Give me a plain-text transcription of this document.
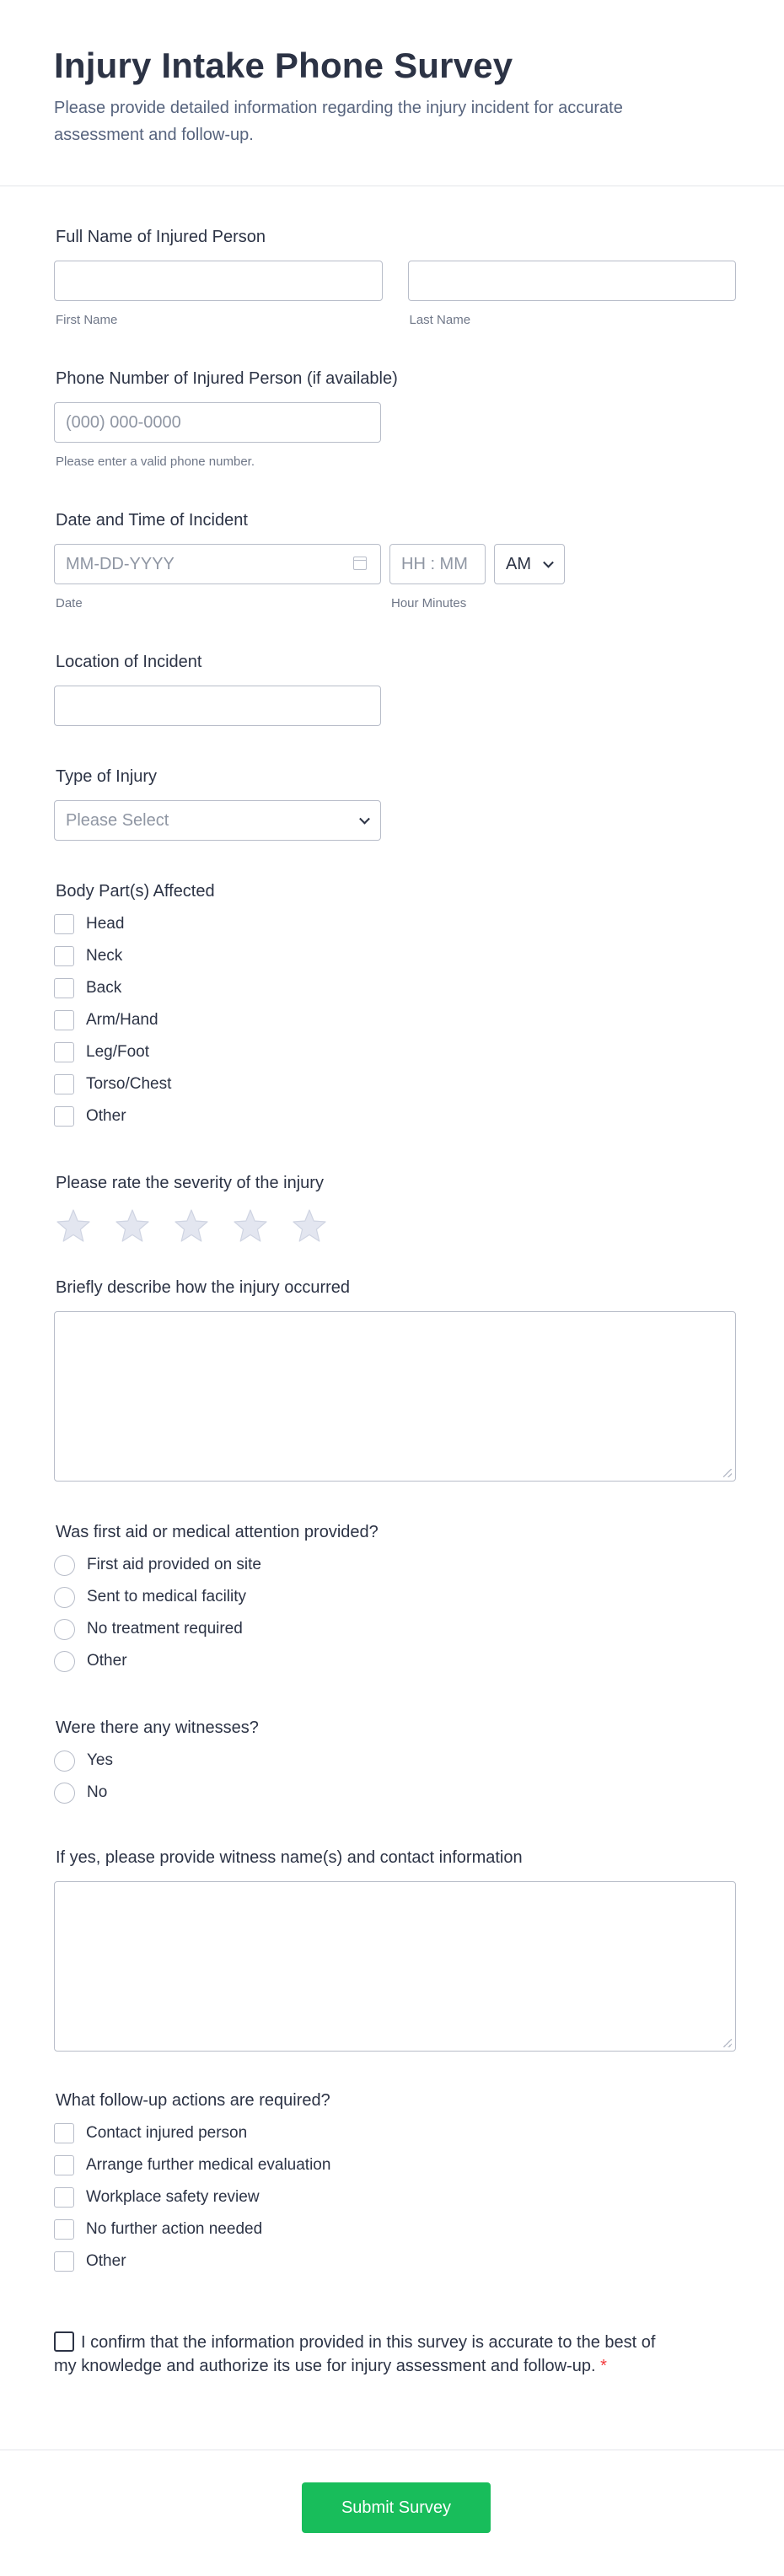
Injury Intake Phone Survey

Please provide detailed information regarding the injury incident for accurate assessment and follow-up.

Full Name of Injured Person
First Name	Last Name
Phone Number of Injured Person (if available)
(000) 000-0000
Please enter a valid phone number.
Date and Time of Incident
MM-DD-YYYY
Date
HH : MM AM
Hour Minutes
Location of Incident
Type of Injury
Please Select
Body Part(s) Affected
Head
Neck
Back
Arm/Hand
Leg/Foot
Torso/Chest
Other
Please rate the severity of the injury
Briefly describe how the injury occurred
Was first aid or medical attention provided?
First aid provided on site
Sent to medical facility
No treatment required
Other
Were there any witnesses?
Yes
No
If yes, please provide witness name(s) and contact information
What follow-up actions are required?
Contact injured person
Arrange further medical evaluation
Workplace safety review
No further action needed
Other
I confirm that the information provided in this survey is accurate to the best of my knowledge and authorize its use for injury assessment and follow-up. *
Submit Survey
